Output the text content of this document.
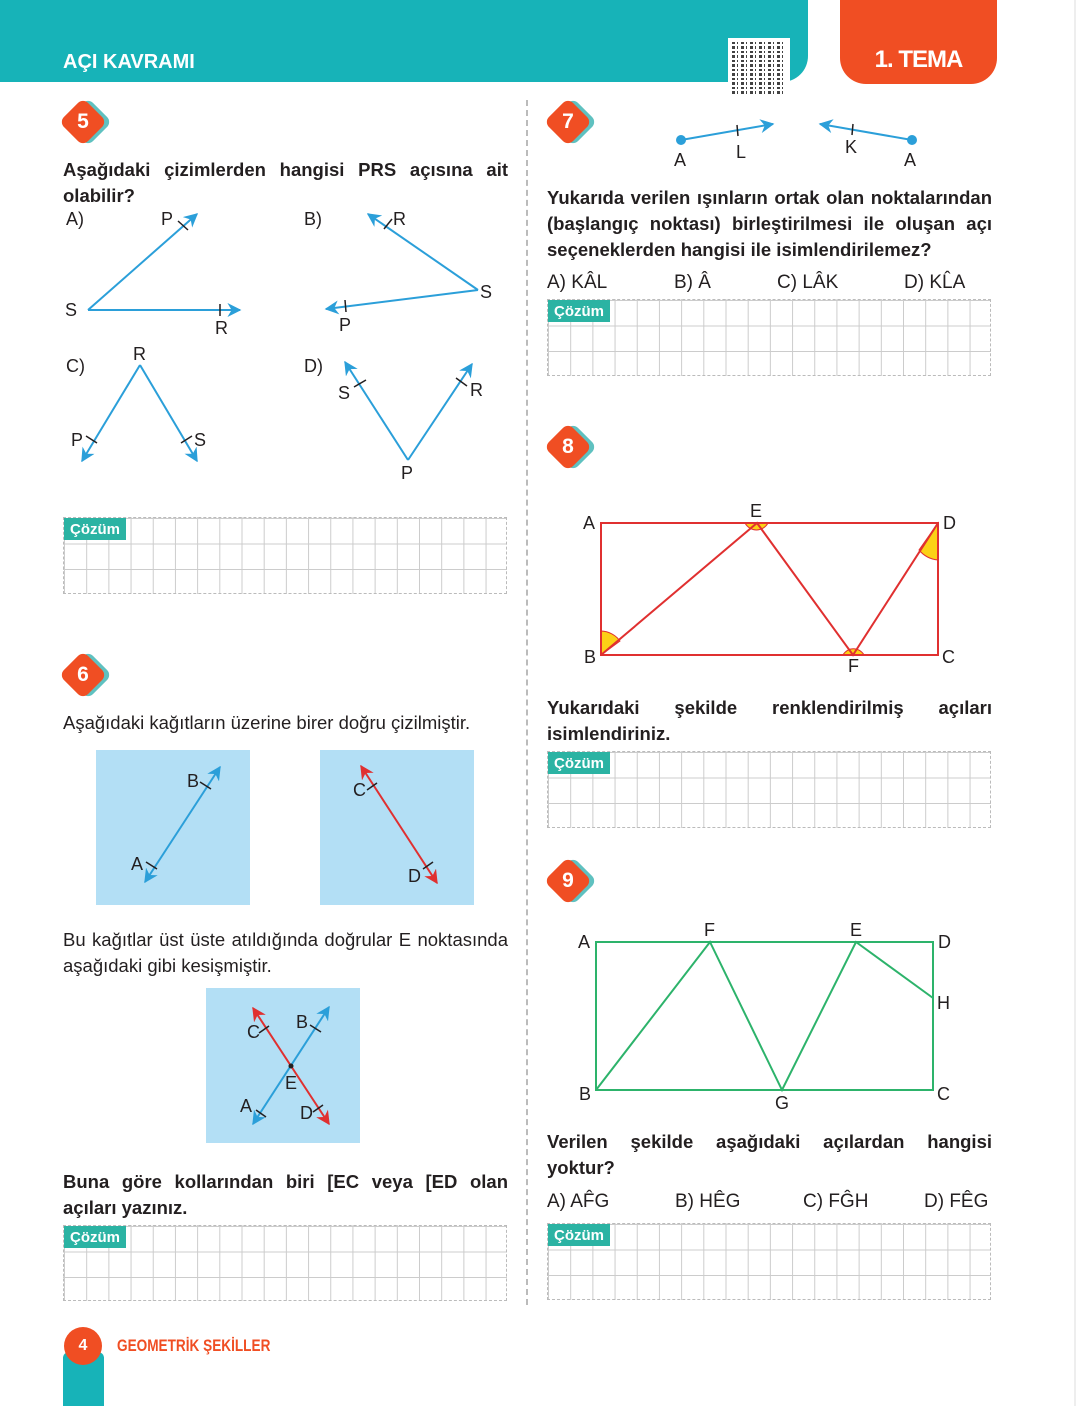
AÇI KAVRAMI	1. TEMA
5
6
7
8
9
Aşağıdaki çizimlerden hangisi PRS açısına ait olabilir?
Aşağıdaki kağıtların üzerine birer doğru çizilmiştir.
Bu kağıtlar üst üste atıldığında doğrular E noktasında aşağıdaki gibi kesişmiştir.
Buna göre kollarından biri [EC veya [ED olan açıları yazınız.
Yukarıda verilen ışınların ortak olan noktalarından (başlangıç noktası) birleştirilmesi ile oluşan açı seçeneklerden hangisi ile isimlendirilemez?
Yukarıdaki şekilde renklendirilmiş açıları isimlendiriniz.
Verilen şekilde aşağıdaki açılardan hangisi yoktur?
A) KÂL	B) Â	C) LÂK	D) KL̂A
A) AF̂G	B) HÊG	C) FĜH	D) FÊG
Çözüm
Çözüm
Çözüm
Çözüm
Çözüm
A)	P
S
R
B)	R
S
P
C)
R
P	S
D)
S	R
P
B
A
C
D
C B
E
A	D
A	L	K
A
A
E
D
B	F	C
A
F	E
D
H
B	G	C
4	GEOMETRİK ŞEKİLLER
